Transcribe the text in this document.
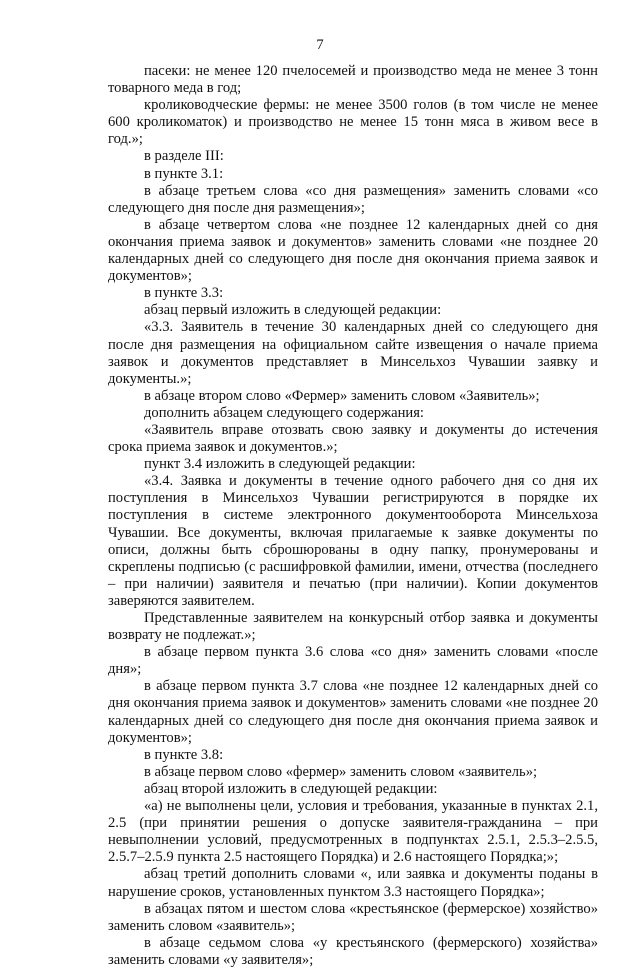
7

пасеки: не менее 120 пчелосемей и производство меда не менее 3 тонн товарного меда в год;

кролиководческие фермы: не менее 3500 голов (в том числе не менее 600 кроликоматок) и производство не менее 15 тонн мяса в живом весе в год.»;

в разделе III:

в пункте 3.1:

в абзаце третьем слова «со дня размещения» заменить словами «со следующего дня после дня размещения»;

в абзаце четвертом слова «не позднее 12 календарных дней со дня окончания приема заявок и документов» заменить словами «не позднее 20 календарных дней со следующего дня после дня окончания приема заявок и документов»;

в пункте 3.3:

абзац первый изложить в следующей редакции:

«3.3. Заявитель в течение 30 календарных дней со следующего дня после дня размещения на официальном сайте извещения о начале приема заявок и документов представляет в Минсельхоз Чувашии заявку и документы.»;

в абзаце втором слово «Фермер» заменить словом «Заявитель»;

дополнить абзацем следующего содержания:

«Заявитель вправе отозвать свою заявку и документы до истечения срока приема заявок и документов.»;

пункт 3.4 изложить в следующей редакции:

«3.4. Заявка и документы в течение одного рабочего дня со дня их поступления в Минсельхоз Чувашии регистрируются в порядке их поступления в системе электронного документооборота Минсельхоза Чувашии. Все документы, включая прилагаемые к заявке документы по описи, должны быть сброшюрованы в одну папку, пронумерованы и скреплены подписью (с расшифровкой фамилии, имени, отчества (последнего – при наличии) заявителя и печатью (при наличии). Копии документов заверяются заявителем.

Представленные заявителем на конкурсный отбор заявка и документы возврату не подлежат.»;

в абзаце первом пункта 3.6 слова «со дня» заменить словами «после дня»;

в абзаце первом пункта 3.7 слова «не позднее 12 календарных дней со дня окончания приема заявок и документов» заменить словами «не позднее 20 календарных дней со следующего дня после дня окончания приема заявок и документов»;

в пункте 3.8:

в абзаце первом слово «фермер» заменить словом «заявитель»;

абзац второй изложить в следующей редакции:

«а) не выполнены цели, условия и требования, указанные в пунктах 2.1, 2.5 (при принятии решения о допуске заявителя-гражданина – при невыполнении условий, предусмотренных в подпунктах 2.5.1, 2.5.3–2.5.5, 2.5.7–2.5.9 пункта 2.5 настоящего Порядка) и 2.6 настоящего Порядка;»;

абзац третий дополнить словами «, или заявка и документы поданы в нарушение сроков, установленных пунктом 3.3 настоящего Порядка»;

в абзацах пятом и шестом слова «крестьянское (фермерское) хозяйство» заменить словом «заявитель»;

в абзаце седьмом слова «у крестьянского (фермерского) хозяйства» заменить словами «у заявителя»;
